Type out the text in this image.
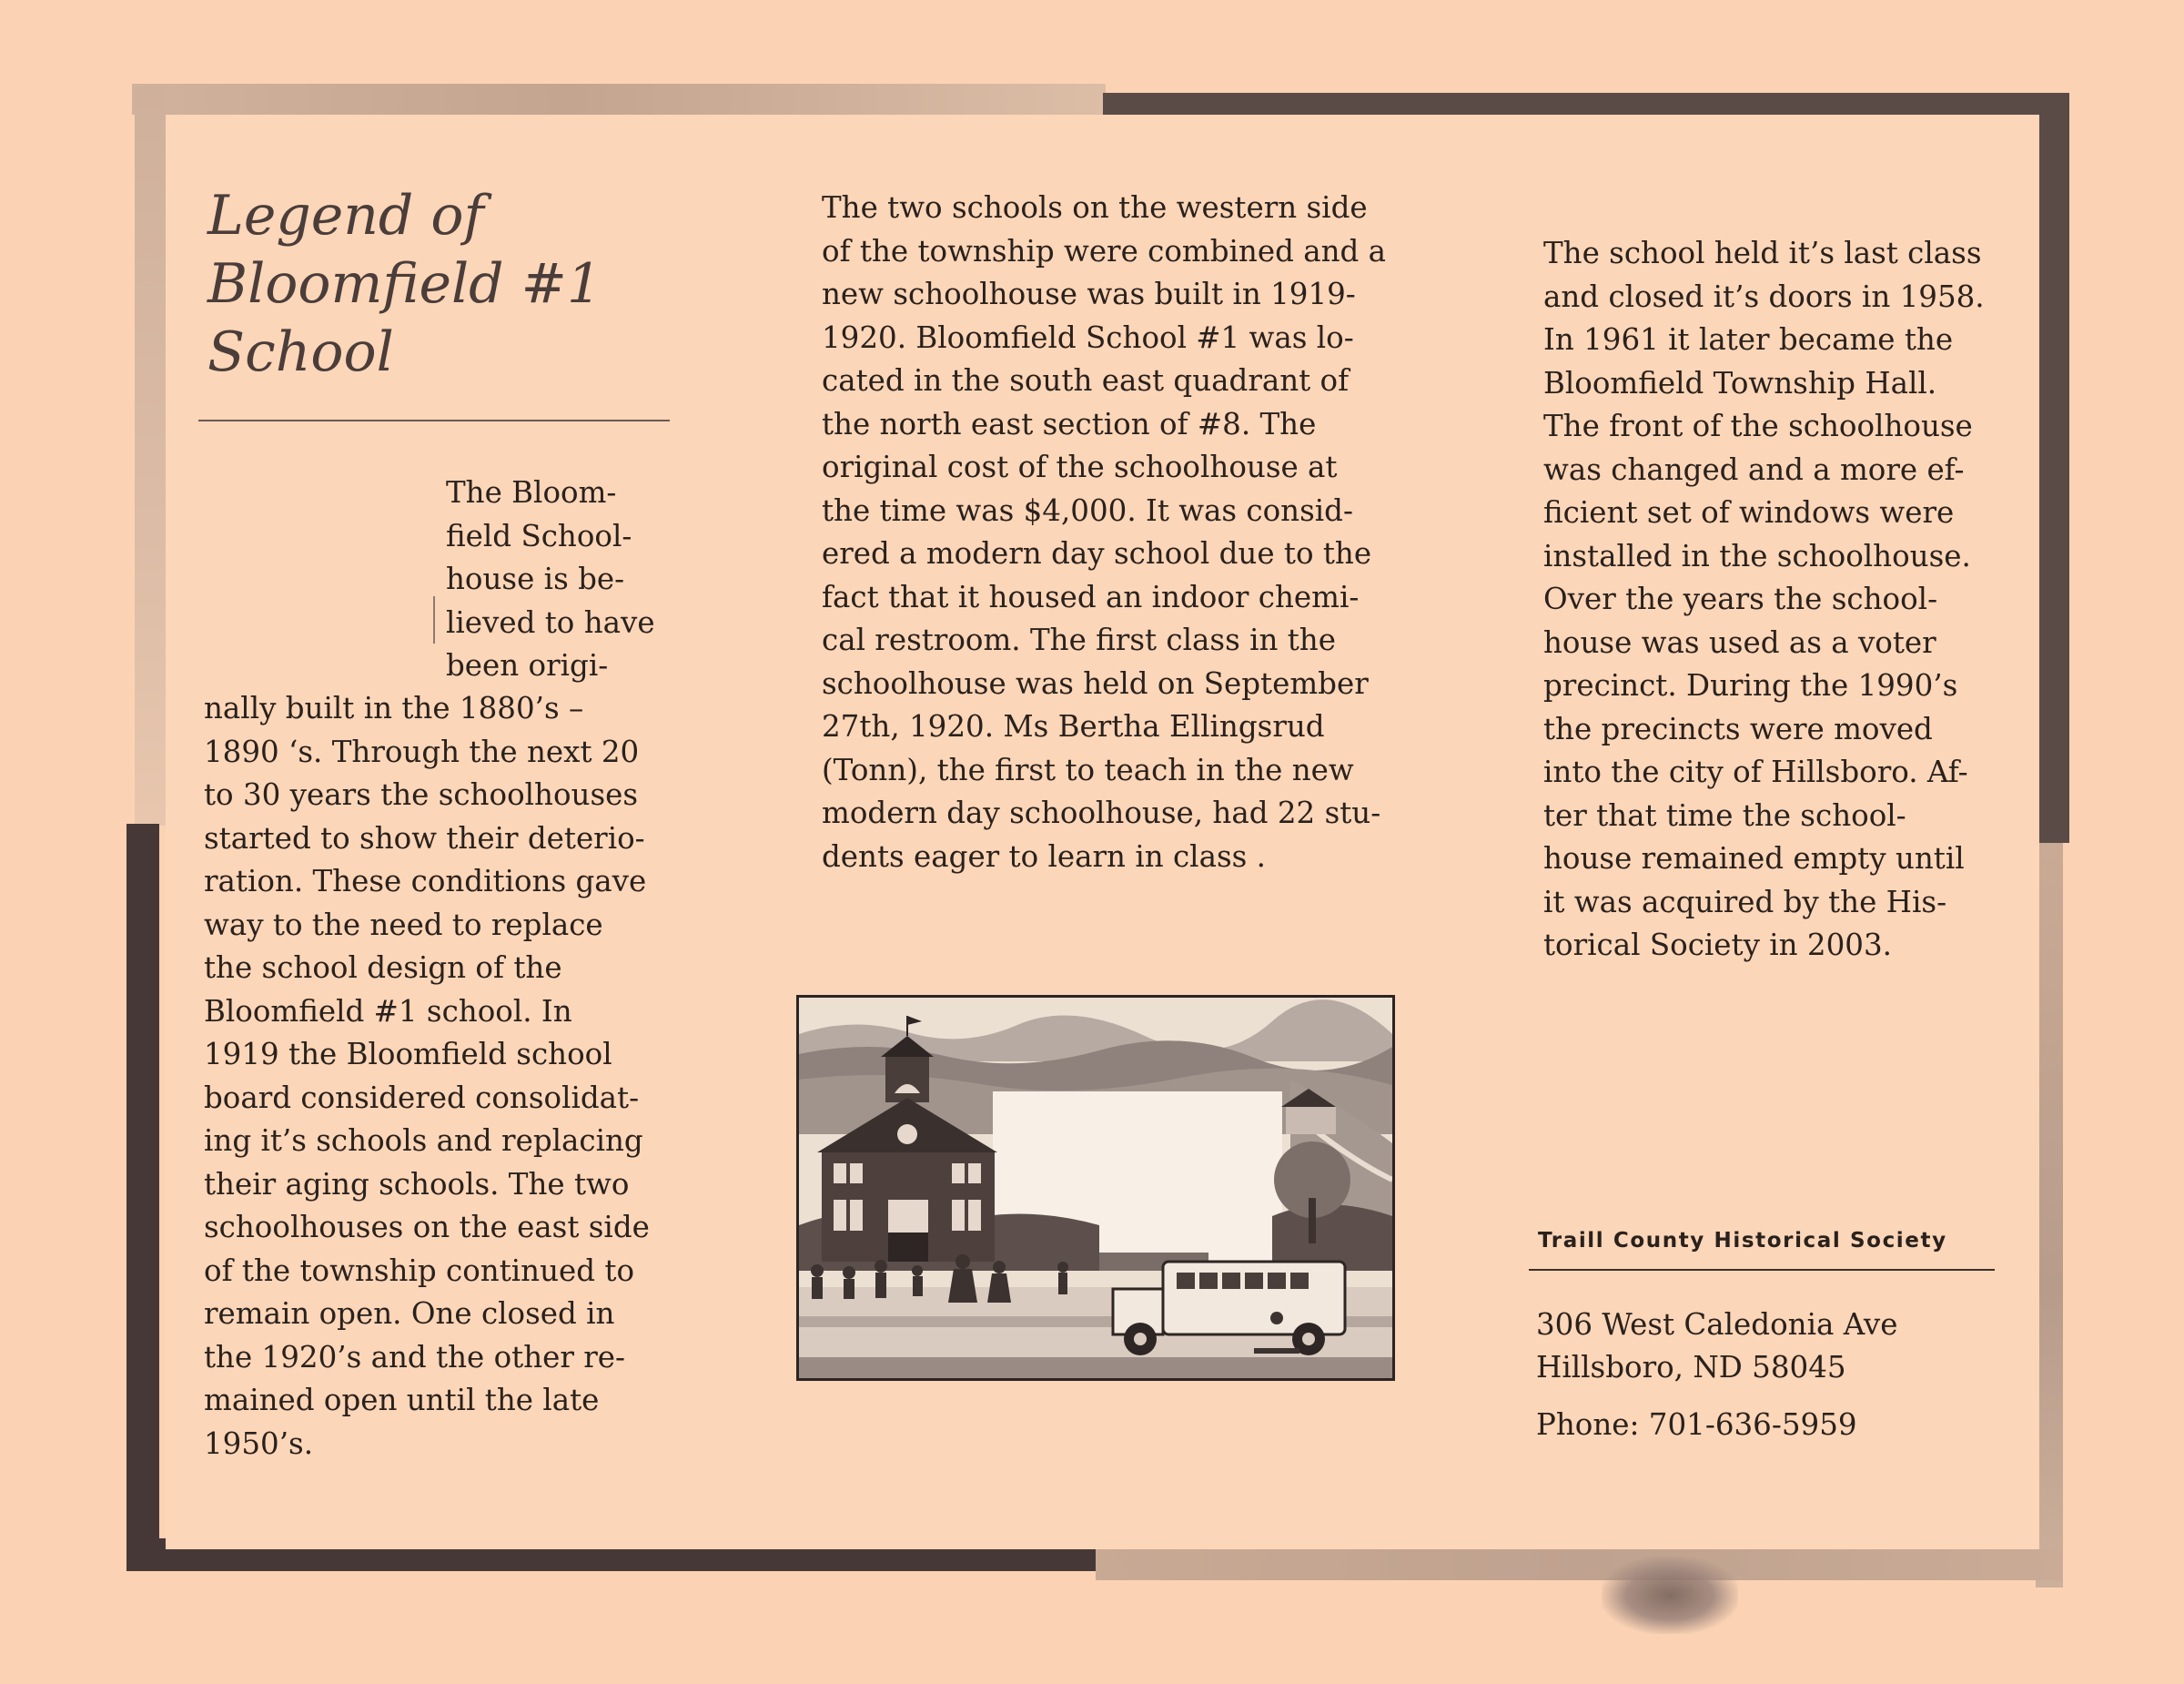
Legend of
Bloomfield #1
School
The Bloom-
field School-
house is be-
lieved to have
been origi-
nally built in the 1880’s –
1890 ‘s. Through the next 20
to 30 years the schoolhouses
started to show their deterio-
ration. These conditions gave
way to the need to replace
the school design of the
Bloomfield #1 school. In
1919 the Bloomfield school
board considered consolidat-
ing it’s schools and replacing
their aging schools. The two
schoolhouses on the east side
of the township continued to
remain open. One closed in
the 1920’s and the other re-
mained open until the late
1950’s.
The two schools on the western side
of the township were combined and a
new schoolhouse was built in 1919-
1920. Bloomfield School #1 was lo-
cated in the south east quadrant of
the north east section of #8. The
original cost of the schoolhouse at
the time was $4,000. It was consid-
ered a modern day school due to the
fact that it housed an indoor chemi-
cal restroom. The first class in the
schoolhouse was held on September
27th, 1920. Ms Bertha Ellingsrud
(Tonn), the first to teach in the new
modern day schoolhouse, had 22 stu-
dents eager to learn in class .
The school held it’s last class
and closed it’s doors in 1958.
In 1961 it later became the
Bloomfield Township Hall.
The front of the schoolhouse
was changed and a more ef-
ficient set of windows were
installed in the schoolhouse.
Over the years the school-
house was used as a voter
precinct. During the 1990’s
the precincts were moved
into the city of Hillsboro. Af-
ter that time the school-
house remained empty until
it was acquired by the His-
torical Society in 2003.
Traill County Historical Society
306 West Caledonia Ave
Hillsboro, ND 58045
Phone: 701-636-5959
